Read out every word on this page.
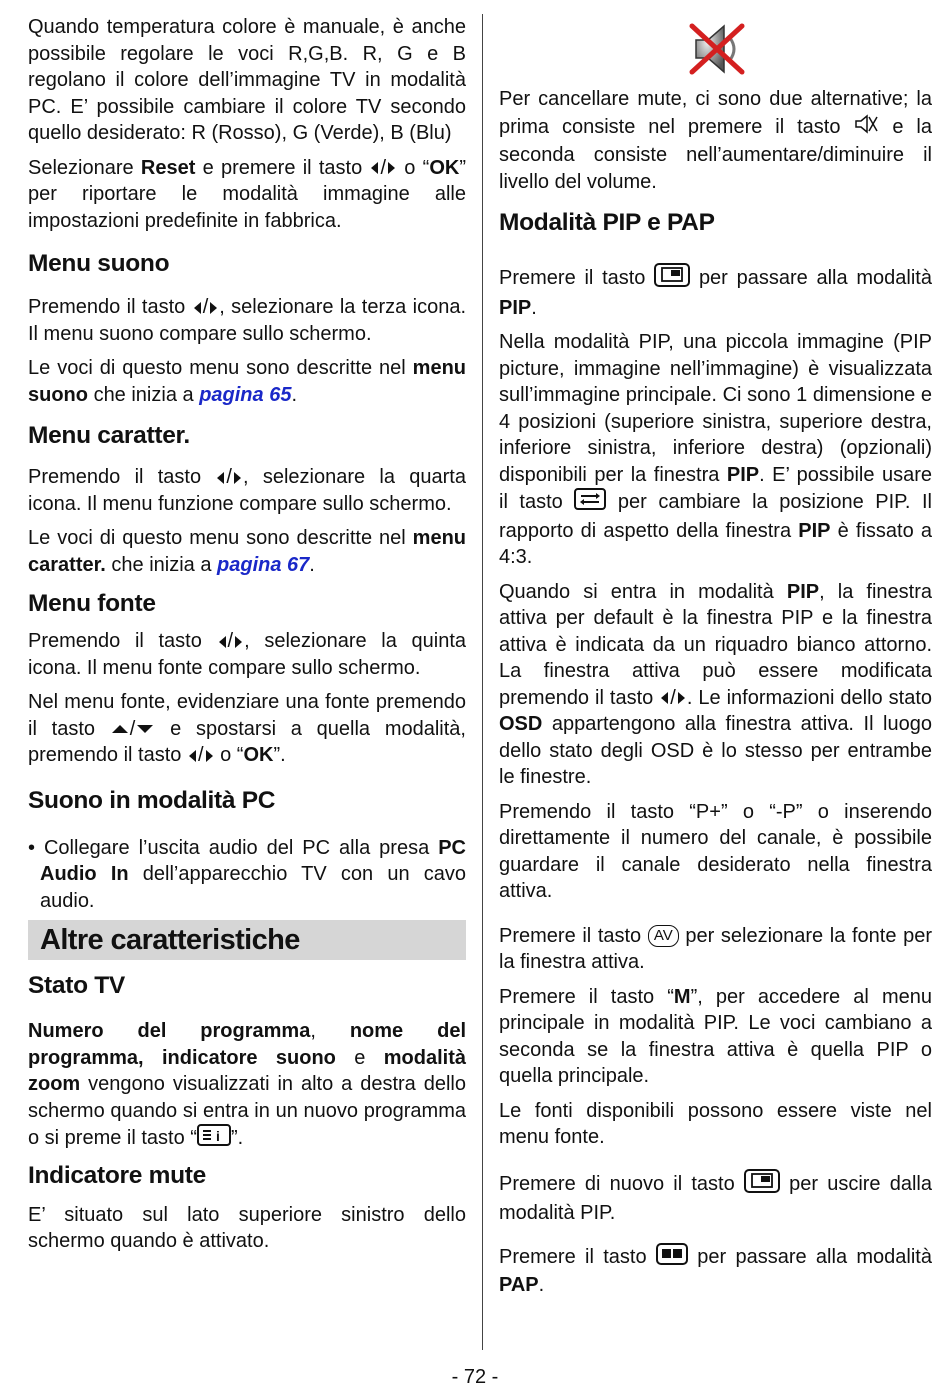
Quando temperatura colore è manuale, è anche possibile regolare le voci R,G,B. R, G e B regolano il colore dell’immagine TV in modalità PC. E’ possibile cambiare il colore TV secondo quello desiderato: R (Rosso), G (Verde), B (Blu)

Selezionare Reset e premere il tasto / o “OK” per riportare le modalità immagine alle impostazioni predefinite in fabbrica.

Menu suono

Premendo il tasto / , selezionare la terza icona. Il menu suono compare sullo schermo.

Le voci di questo menu sono descritte nel menu suono che inizia a pagina 65.

Menu caratter.

Premendo il tasto / , selezionare la quarta icona. Il menu funzione compare sullo schermo.

Le voci di questo menu sono descritte nel menu caratter. che inizia a pagina 67.

Menu fonte

Premendo il tasto / , selezionare la quinta icona. Il menu fonte compare sullo schermo.

Nel menu fonte, evidenziare una fonte premendo il tasto / e spostarsi a quella modalità, premendo il tasto / o “OK”.

Suono in modalità PC

• Collegare l’uscita audio del PC alla presa PC Audio In dell’apparecchio TV con un cavo audio.

Altre caratteristiche
Stato TV

Numero del programma, nome del programma, indicatore suono e modalità zoom vengono visualizzati in alto a destra dello schermo quando si entra in un nuovo programma o si preme il tasto “ i ”.

Indicatore mute

E’ situato sul lato superiore sinistro dello schermo quando è attivato.

Per cancellare mute, ci sono due alternative; la prima consiste nel premere il tasto	e la seconda consiste nell’aumentare/diminuire il livello del volume.

Modalità PIP e PAP

Premere il tasto	per passare alla modalità PIP.

Nella modalità PIP, una piccola immagine (PIP picture, immagine nell’immagine) è visualizzata sull’immagine principale. Ci sono 1 dimensione e 4 posizioni (superiore sinistra, superiore destra, inferiore sinistra, inferiore destra) (opzionali) disponibili per la finestra PIP. E’ possibile usare il tasto	per cambiare la posizione PIP. Il rapporto di aspetto della finestra PIP è fissato a 4:3.

Quando si entra in modalità PIP, la finestra attiva per default è la finestra PIP e la finestra attiva è indicata da un riquadro bianco attorno. La finestra attiva può essere modificata premendo il tasto / . Le informazioni dello stato OSD appartengono alla finestra attiva. Il luogo dello stato degli OSD è lo stesso per entrambe le finestre.

Premendo il tasto “P+” o “-P” o inserendo direttamente il numero del canale, è possibile guardare il canale desiderato nella finestra attiva.

Premere il tasto AV per selezionare la fonte per la finestra attiva.

Premere il tasto “M”, per accedere al menu principale in modalità PIP. Le voci cambiano a seconda se la finestra attiva è quella PIP o quella principale.

Le fonti disponibili possono essere viste nel menu fonte.

Premere di nuovo il tasto	per uscire dalla modalità PIP.

Premere il tasto	per passare alla modalità PAP.

- 72 -
